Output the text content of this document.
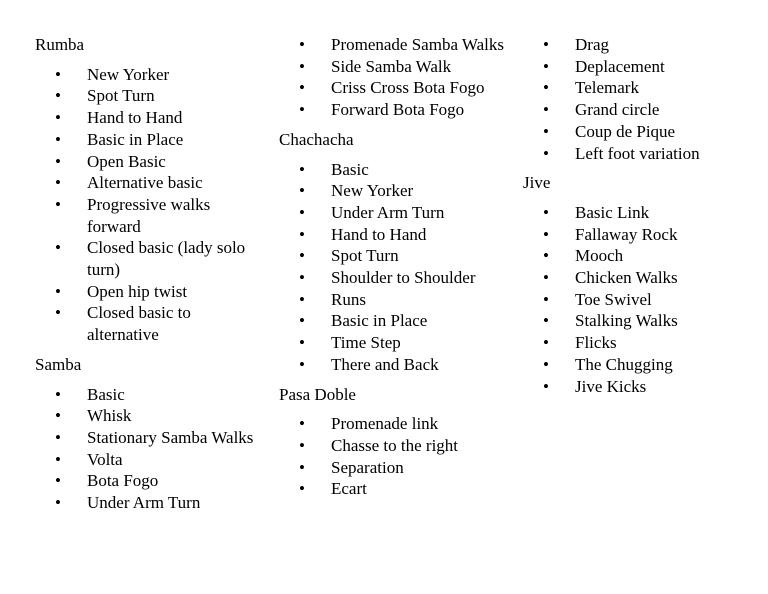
Rumba
• New Yorker
• Spot Turn
• Hand to Hand
• Basic in Place
• Open Basic
• Alternative basic
• Progressive walks forward
• Closed basic (lady solo turn)
• Open hip twist
• Closed basic to alternative
Samba
• Basic
• Whisk
• Stationary Samba Walks
• Volta
• Bota Fogo
• Under Arm Turn
• Promenade Samba Walks
• Side Samba Walk
• Criss Cross Bota Fogo
• Forward Bota Fogo
Chachacha
• Basic
• New Yorker
• Under Arm Turn
• Hand to Hand
• Spot Turn
• Shoulder to Shoulder
• Runs
• Basic in Place
• Time Step
• There and Back
Pasa Doble
• Promenade link
• Chasse to the right
• Separation
• Ecart
• Drag
• Deplacement
• Telemark
• Grand circle
• Coup de Pique
• Left foot variation
Jive
• Basic Link
• Fallaway Rock
• Mooch
• Chicken Walks
• Toe Swivel
• Stalking Walks
• Flicks
• The Chugging
• Jive Kicks
